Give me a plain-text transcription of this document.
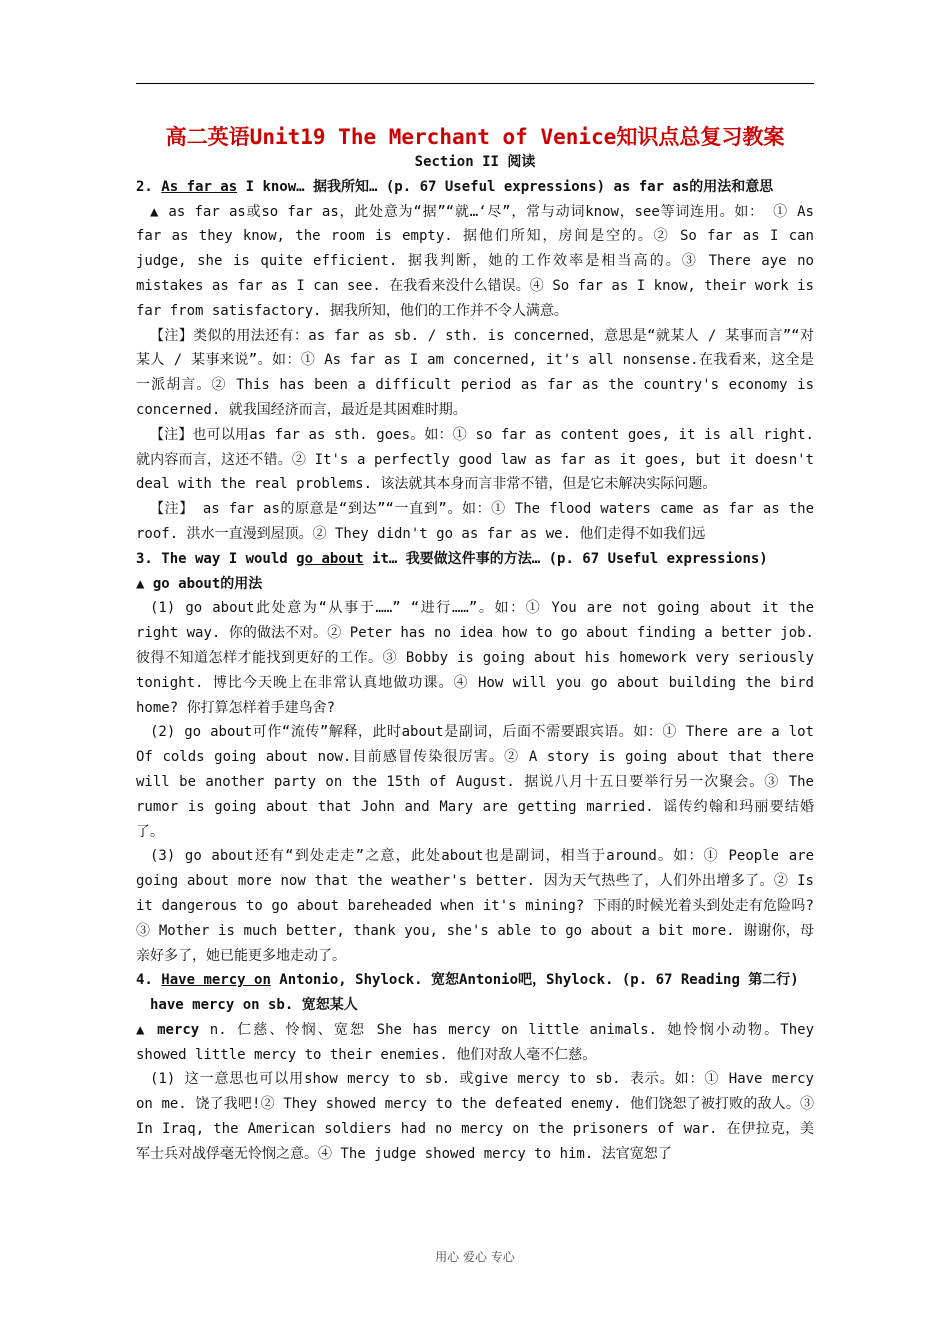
高二英语Unit19 The Merchant of Venice知识点总复习教案

Section II 阅读

2. As far as I know… 据我所知… (p. 67 Useful expressions) as far as的用法和意思

▲ as far as或so far as，此处意为“据”“就…‘尽”，常与动词know，see等词连用。如： ① As far as they know, the room is empty. 据他们所知，房间是空的。② So far as I can judge, she is quite efficient. 据我判断，她的工作效率是相当高的。③ There aye no mistakes as far as I can see. 在我看来没什么错误。④ So far as I know, their work is far from satisfactory. 据我所知，他们的工作并不令人满意。

【注】类似的用法还有：as far as sb. / sth. is concerned，意思是“就某人 / 某事而言”“对某人 / 某事来说”。如：① As far as I am concerned, it's all nonsense.在我看来，这全是一派胡言。② This has been a difficult period as far as the country's economy is concerned. 就我国经济而言，最近是其困难时期。

【注】也可以用as far as sth. goes。如：① so far as content goes, it is all right.就内容而言，这还不错。② It's a perfectly good law as far as it goes, but it doesn't deal with the real problems. 该法就其本身而言非常不错，但是它未解决实际问题。

【注】 as far as的原意是“到达”“一直到”。如：① The flood waters came as far as the roof. 洪水一直漫到屋顶。② They didn't go as far as we. 他们走得不如我们远

3. The way I would go about it… 我要做这件事的方法… (p. 67 Useful expressions)

▲ go about的用法

(1) go about此处意为“从事于……” “进行……”。如：① You are not going about it the right way. 你的做法不对。② Peter has no idea how to go about finding a better job.彼得不知道怎样才能找到更好的工作。③ Bobby is going about his homework very seriously tonight. 博比今天晚上在非常认真地做功课。④ How will you go about building the bird home? 你打算怎样着手建鸟舍?

(2) go about可作“流传”解释，此时about是副词，后面不需要跟宾语。如：① There are a lot Of colds going about now.目前感冒传染很厉害。② A story is going about that there will be another party on the 15th of August. 据说八月十五日要举行另一次聚会。③ The rumor is going about that John and Mary are getting married. 谣传约翰和玛丽要结婚了。

(3) go about还有“到处走走”之意，此处about也是副词，相当于around。如：① People are going about more now that the weather's better. 因为天气热些了，人们外出增多了。② Is it dangerous to go about bareheaded when it's mining? 下雨的时候光着头到处走有危险吗? ③ Mother is much better, thank you, she's able to go about a bit more. 谢谢你，母亲好多了，她已能更多地走动了。

4. Have mercy on Antonio, Shylock. 宽恕Antonio吧，Shylock. (p. 67 Reading 第二行)

have mercy on sb. 宽恕某人

▲ mercy n. 仁慈、怜悯、宽恕 She has mercy on little animals. 她怜悯小动物。They showed little mercy to their enemies. 他们对敌人毫不仁慈。

(1) 这一意思也可以用show mercy to sb. 或give mercy to sb. 表示。如：① Have mercy on me. 饶了我吧!② They showed mercy to the defeated enemy. 他们饶恕了被打败的敌人。③ In Iraq, the American soldiers had no mercy on the prisoners of war. 在伊拉克，美军士兵对战俘毫无怜悯之意。④ The judge showed mercy to him. 法官宽恕了

用心 爱心 专心
